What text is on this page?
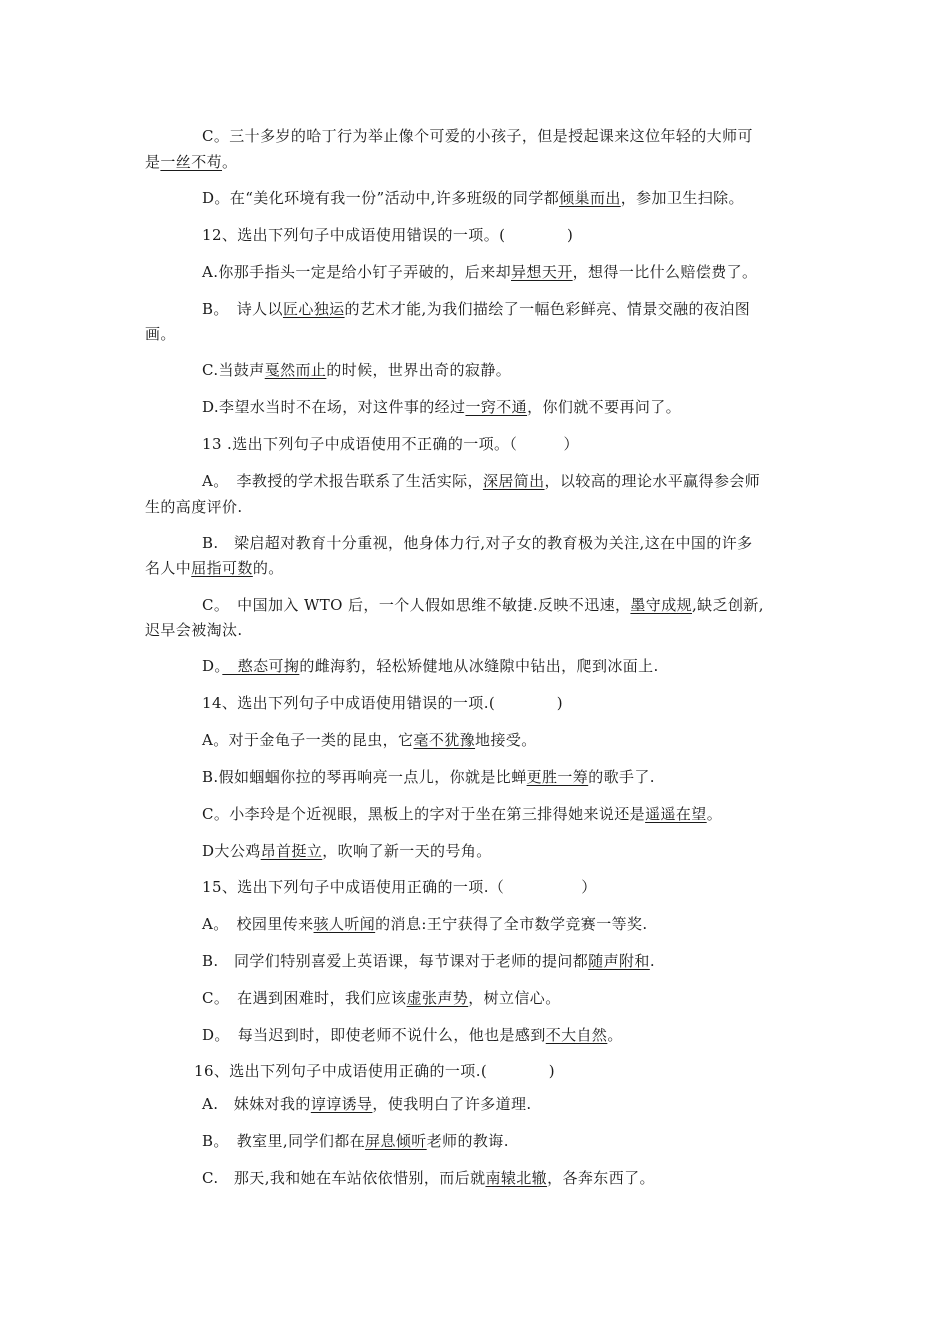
C。三十多岁的哈丁行为举止像个可爱的小孩子，但是授起课来这位年轻的大师可
是一丝不苟。
D。在“美化环境有我一份”活动中,许多班级的同学都倾巢而出，参加卫生扫除。
12、选出下列句子中成语使用错误的一项。(　　　　)
A.你那手指头一定是给小钉子弄破的，后来却异想天开，想得一比什么赔偿费了。
B。　诗人以匠心独运的艺术才能,为我们描绘了一幅色彩鲜亮、情景交融的夜泊图
画。
C.当鼓声戛然而止的时候，世界出奇的寂静。
D.李望水当时不在场，对这件事的经过一窍不通，你们就不要再问了。
13 .选出下列句子中成语使用不正确的一项。（　　　）
A。　李教授的学术报告联系了生活实际，深居简出，以较高的理论水平赢得参会师
生的高度评价.
B.　梁启超对教育十分重视，他身体力行,对子女的教育极为关注,这在中国的许多
名人中屈指可数的。
C。　中国加入 WTO 后，一个人假如思维不敏捷.反映不迅速，墨守成规,缺乏创新,
迟早会被淘汰.
D。　憨态可掬的雌海豹，轻松矫健地从冰缝隙中钻出，爬到冰面上.
14、选出下列句子中成语使用错误的一项.(　　　　)
A。对于金龟子一类的昆虫，它毫不犹豫地接受。
B.假如蝈蝈你拉的琴再响亮一点儿，你就是比蝉更胜一筹的歌手了.
C。小李玲是个近视眼，黑板上的字对于坐在第三排得她来说还是遥遥在望。
D大公鸡昂首挺立，吹响了新一天的号角。
15、选出下列句子中成语使用正确的一项.（　　　　　）
A。　校园里传来骇人听闻的消息:王宁获得了全市数学竞赛一等奖.
B.　同学们特别喜爱上英语课，每节课对于老师的提问都随声附和.
C。　在遇到困难时，我们应该虚张声势，树立信心。
D。　每当迟到时，即使老师不说什么，他也是感到不大自然。
16、选出下列句子中成语使用正确的一项.(　　　　)
A.　妹妹对我的谆谆诱导，使我明白了许多道理.
B。　教室里,同学们都在屏息倾听老师的教诲.
C.　那天,我和她在车站依依惜别，而后就南辕北辙，各奔东西了。
